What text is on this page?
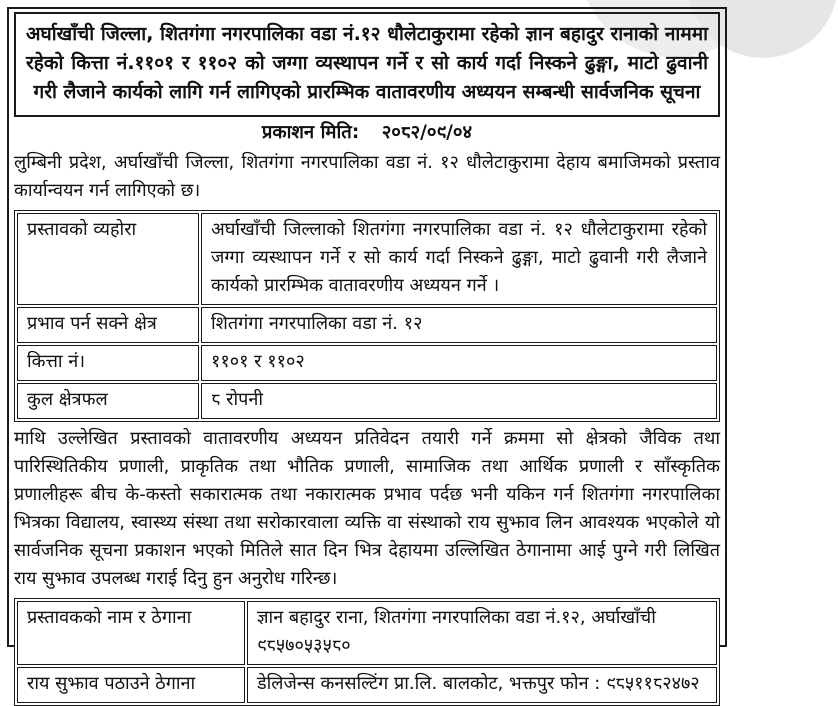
अर्घाखाँची जिल्ला, शितगंगा नगरपालिका वडा नं.१२ धौलेटाकुरामा रहेको ज्ञान बहादुर रानाको नाममा रहेको कित्ता नं.११०१ र ११०२ को जग्गा व्यस्थापन गर्ने र सो कार्य गर्दा निस्कने ढुङ्गा, माटो ढुवानी गरी लैजाने कार्यको लागि गर्न लागिएको प्रारम्भिक वातावरणीय अध्ययन सम्बन्धी सार्वजनिक सूचना
प्रकाशन मिति: २०८२/०९/०४
लुम्बिनी प्रदेश, अर्घाखाँची जिल्ला, शितगंगा नगरपालिका वडा नं. १२ धौलेटाकुरामा देहाय बमाजिमको प्रस्ताव कार्यान्वयन गर्न लागिएको छ।
प्रस्तावको व्यहोरा	अर्घाखाँची जिल्लाको शितगंगा नगरपालिका वडा नं. १२ धौलेटाकुरामा रहेको जग्गा व्यस्थापन गर्ने र सो कार्य गर्दा निस्कने ढुङ्गा, माटो ढुवानी गरी लैजाने कार्यको प्रारम्भिक वातावरणीय अध्ययन गर्ने ।
प्रभाव पर्न सक्ने क्षेत्र	शितगंगा नगरपालिका वडा नं. १२
कित्ता नं।	११०१ र ११०२
कुल क्षेत्रफल	८ रोपनी
माथि उल्लेखित प्रस्तावको वातावरणीय अध्ययन प्रतिवेदन तयारी गर्ने क्रममा सो क्षेत्रको जैविक तथा पारिस्थितिकीय प्रणाली, प्राकृतिक तथा भौतिक प्रणाली, सामाजिक तथा आर्थिक प्रणाली र साँस्कृतिक प्रणालीहरू बीच के-कस्तो सकारात्मक तथा नकारात्मक प्रभाव पर्दछ भनी यकिन गर्न शितगंगा नगरपालिका भित्रका विद्यालय, स्वास्थ्य संस्था तथा सरोकारवाला व्यक्ति वा संस्थाको राय सुझाव लिन आवश्यक भएकोले यो सार्वजनिक सूचना प्रकाशन भएको मितिले सात दिन भित्र देहायमा उल्लिखित ठेगानामा आई पुग्ने गरी लिखित राय सुझाव उपलब्ध गराई दिनु हुन अनुरोध गरिन्छ।
प्रस्तावकको नाम र ठेगाना	ज्ञान बहादुर राना, शितगंगा नगरपालिका वडा नं.१२, अर्घाखाँची
९८५७०५३५८०

राय सुझाव पठाउने ठेगाना	डेलिजेन्स कनसल्टिंग प्रा.लि. बालकोट, भक्तपुर फोन : ९८५११८२४७२
